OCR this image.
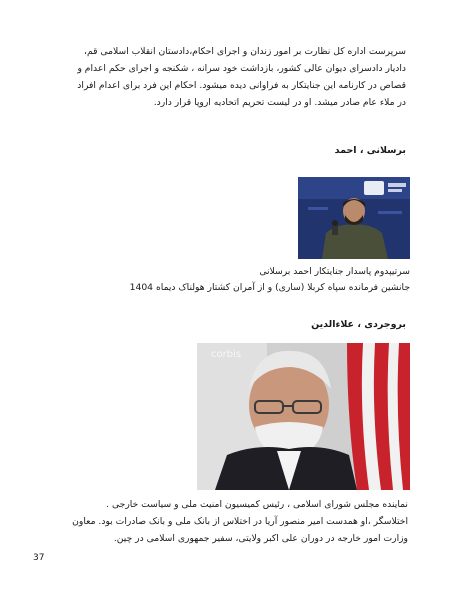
سرپرست اداره کل نظارت بر امور زندان و اجرای احکام،دادستان انقلاب اسلامی قم، دادیار دادسرای دیوان عالی کشور، بازداشت خود سرانه ، شکنجه و اجرای حکم اعدام و قصاص در کارنامه این جنایتکار به فراوانی دیده میشود. احکام این فرد برای اعدام افراد در ملاء عام صادر میشد. او در لیست تحریم اتحادیه اروپا قرار دارد.

برسلانی ، احمد

سرتیپدوم پاسدار جنایتکار احمد برسلانی

جانشین فرمانده سپاه کربلا (ساری) و از آمران کشتار هولناک دیماه 1404

بروجردی ، علاءالدین

corbis

نماینده مجلس شورای اسلامی ، رئیس کمیسیون امنیت ملی و سیاست خارجی . اختلاسگر ،او همدست امیر منصور آریا در اختلاس از بانک ملی و بانک صادرات بود. معاون وزارت امور خارجه در دوران علی اکبر ولایتی، سفیر جمهوری اسلامی در چین.

37
